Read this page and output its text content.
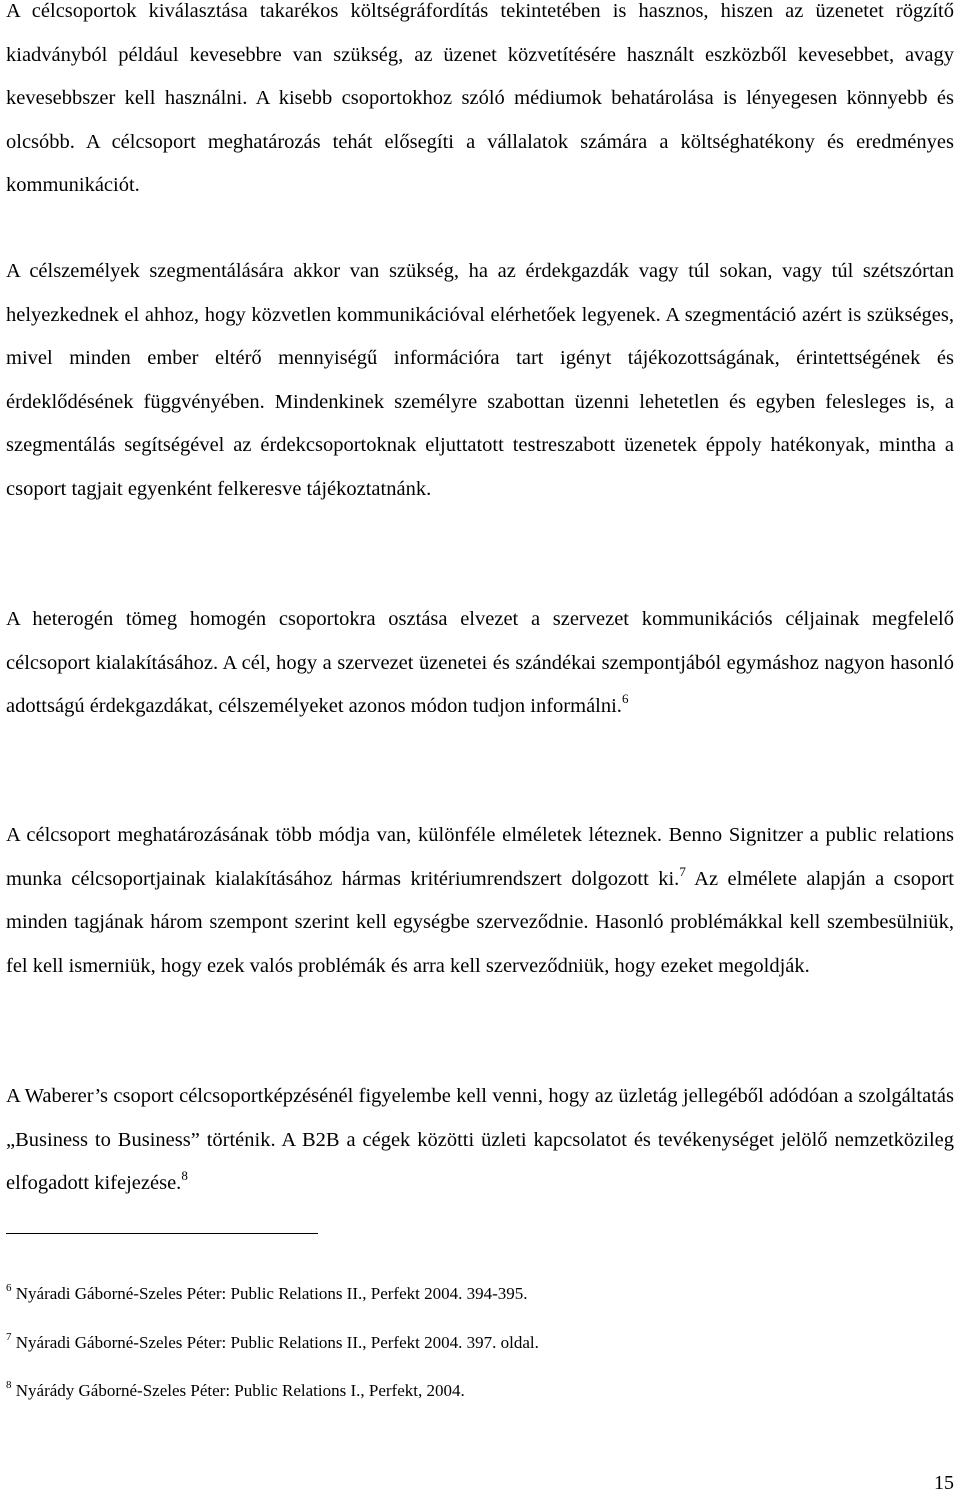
A célcsoportok kiválasztása takarékos költségráfordítás tekintetében is hasznos, hiszen az üzenetet rögzítő kiadványból például kevesebbre van szükség, az üzenet közvetítésére használt eszközből kevesebbet, avagy kevesebbszer kell használni. A kisebb csoportokhoz szóló médiumok behatárolása is lényegesen könnyebb és olcsóbb. A célcsoport meghatározás tehát elősegíti a vállalatok számára a költséghatékony és eredményes kommunikációt.

A célszemélyek szegmentálására akkor van szükség, ha az érdekgazdák vagy túl sokan, vagy túl szétszórtan helyezkednek el ahhoz, hogy közvetlen kommunikációval elérhetőek legyenek. A szegmentáció azért is szükséges, mivel minden ember eltérő mennyiségű információra tart igényt tájékozottságának, érintettségének és érdeklődésének függvényében. Mindenkinek személyre szabottan üzenni lehetetlen és egyben felesleges is, a szegmentálás segítségével az érdekcsoportoknak eljuttatott testreszabott üzenetek éppoly hatékonyak, mintha a csoport tagjait egyenként felkeresve tájékoztatnánk.

A heterogén tömeg homogén csoportokra osztása elvezet a szervezet kommunikációs céljainak megfelelő célcsoport kialakításához. A cél, hogy a szervezet üzenetei és szándékai szempontjából egymáshoz nagyon hasonló adottságú érdekgazdákat, célszemélyeket azonos módon tudjon informálni.$^6$

A célcsoport meghatározásának több módja van, különféle elméletek léteznek. Benno Signitzer a public relations munka célcsoportjainak kialakításához hármas kritériumrendszert dolgozott ki.$^7$ Az elmélete alapján a csoport minden tagjának három szempont szerint kell egységbe szerveződnie. Hasonló problémákkal kell szembesülniük, fel kell ismerniük, hogy ezek valós problémák és arra kell szerveződniük, hogy ezeket megoldják.

A Waberer’s csoport célcsoportképzésénél figyelembe kell venni, hogy az üzletág jellegéből adódóan a szolgáltatás „Business to Business” történik. A B2B a cégek közötti üzleti kapcsolatot és tevékenységet jelölő nemzetközileg elfogadott kifejezése.$^8$

$^6$ Nyáradi Gáborné-Szeles Péter: Public Relations II., Perfekt 2004. 394-395.

$^7$ Nyáradi Gáborné-Szeles Péter: Public Relations II., Perfekt 2004. 397. oldal.

$^8$ Nyárády Gáborné-Szeles Péter: Public Relations I., Perfekt, 2004.

15
